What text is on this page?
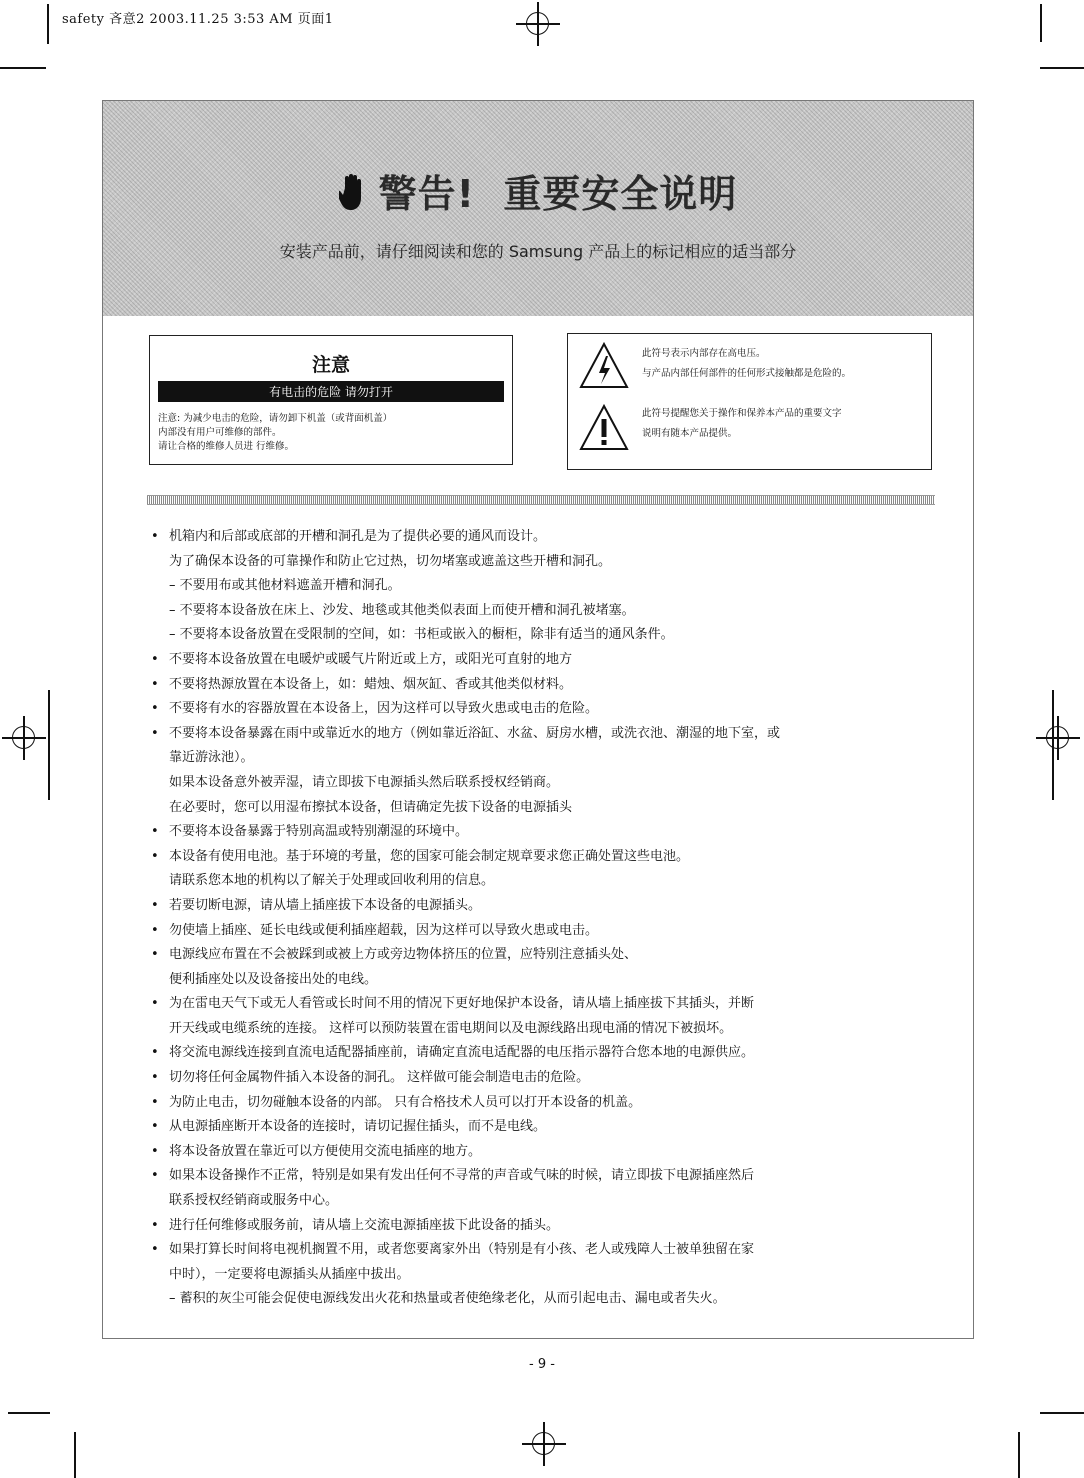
safety 吝意2 2003.11.25 3:53 AM 页面1
警告! 重要安全说明
安装产品前，请仔细阅读和您的 Samsung 产品上的标记相应的适当部分
注意
有电击的危险 请勿打开
注意: 为减少电击的危险，请勿卸下机盖（或背面机盖）
内部没有用户可维修的部件。
请让合格的维修人员进 行维修。
此符号表示内部存在高电压。
与产品内部任何部件的任何形式接触都是危险的。
此符号提醒您关于操作和保养本产品的重要文字
说明有随本产品提供。
• 机箱内和后部或底部的开槽和洞孔是为了提供必要的通风而设计。
为了确保本设备的可靠操作和防止它过热，切勿堵塞或遮盖这些开槽和洞孔。
– 不要用布或其他材料遮盖开槽和洞孔。
– 不要将本设备放在床上、沙发、地毯或其他类似表面上而使开槽和洞孔被堵塞。
– 不要将本设备放置在受限制的空间，如：书柜或嵌入的橱柜，除非有适当的通风条件。
• 不要将本设备放置在电暖炉或暖气片附近或上方，或阳光可直射的地方
• 不要将热源放置在本设备上，如：蜡烛、烟灰缸、香或其他类似材料。
• 不要将有水的容器放置在本设备上，因为这样可以导致火患或电击的危险。
• 不要将本设备暴露在雨中或靠近水的地方（例如靠近浴缸、水盆、厨房水槽，或洗衣池、潮湿的地下室，或
靠近游泳池）。
如果本设备意外被弄湿，请立即拔下电源插头然后联系授权经销商。
在必要时，您可以用湿布擦拭本设备，但请确定先拔下设备的电源插头
• 不要将本设备暴露于特别高温或特别潮湿的环境中。
• 本设备有使用电池。基于环境的考量，您的国家可能会制定规章要求您正确处置这些电池。
请联系您本地的机构以了解关于处理或回收利用的信息。
• 若要切断电源，请从墙上插座拔下本设备的电源插头。
• 勿使墙上插座、延长电线或便利插座超载，因为这样可以导致火患或电击。
• 电源线应布置在不会被踩到或被上方或旁边物体挤压的位置，应特别注意插头处、
便利插座处以及设备接出处的电线。
• 为在雷电天气下或无人看管或长时间不用的情况下更好地保护本设备，请从墙上插座拔下其插头，并断
开天线或电缆系统的连接。 这样可以预防装置在雷电期间以及电源线路出现电涌的情况下被损坏。
• 将交流电源线连接到直流电适配器插座前，请确定直流电适配器的电压指示器符合您本地的电源供应。
• 切勿将任何金属物件插入本设备的洞孔。 这样做可能会制造电击的危险。
• 为防止电击，切勿碰触本设备的内部。 只有合格技术人员可以打开本设备的机盖。
• 从电源插座断开本设备的连接时，请切记握住插头，而不是电线。
• 将本设备放置在靠近可以方便使用交流电插座的地方。
• 如果本设备操作不正常，特别是如果有发出任何不寻常的声音或气味的时候，请立即拔下电源插座然后
联系授权经销商或服务中心。
• 进行任何维修或服务前，请从墙上交流电源插座拔下此设备的插头。
• 如果打算长时间将电视机搁置不用，或者您要离家外出（特别是有小孩、老人或残障人士被单独留在家
中时），一定要将电源插头从插座中拔出。
– 蓄积的灰尘可能会促使电源线发出火花和热量或者使绝缘老化，从而引起电击、漏电或者失火。
- 9 -
